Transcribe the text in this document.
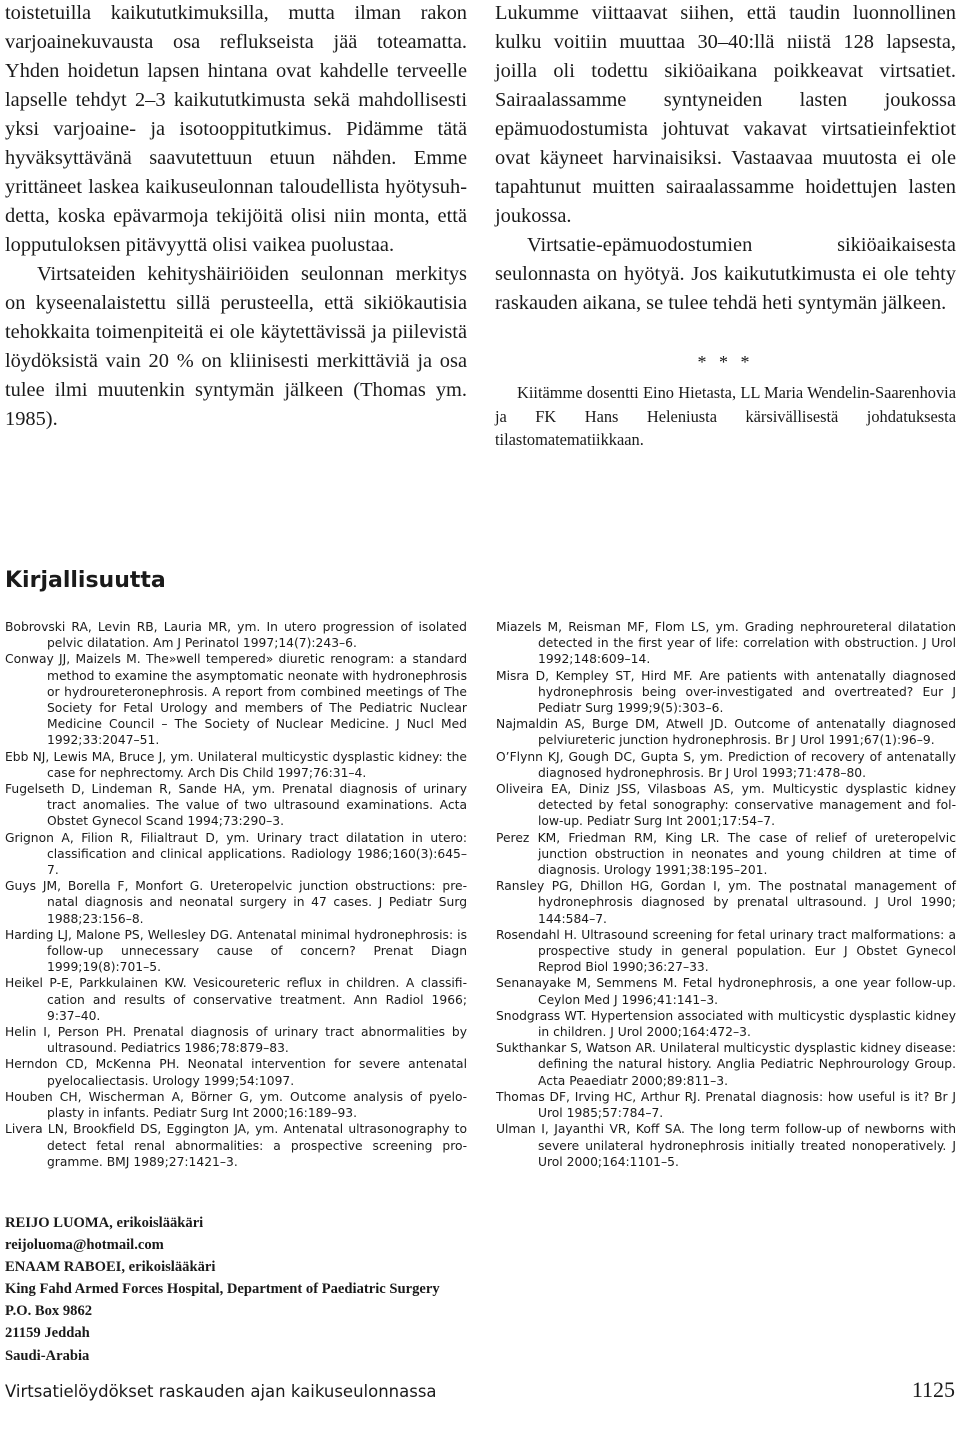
toistetuilla kaikututkimuksilla, mutta ilman rakon varjoainekuvausta osa reflukseista jää toteamatta. Yhden hoidetun lapsen hintana ovat kahdelle terveelle lapselle tehdyt 2–3 kaikututkimusta sekä mahdollisesti yksi varjoaine- ja isotooppitutkimus. Pidämme tätä hyväksyttävänä saavutettuun etuun nähden. Emme yrittäneet laskea kaikuseulonnan taloudellista hyötysuhdetta, koska epävarmoja tekijöitä olisi niin monta, että lopputuloksen pitävyyttä olisi vaikea puolustaa.

Virtsateiden kehityshäiriöiden seulonnan merkitys on kyseenalaistettu sillä perusteella, että sikiökautisia tehokkaita toimenpiteitä ei ole käytettävissä ja piilevistä löydöksistä vain 20 % on kliinisesti merkittäviä ja osa tulee ilmi muutenkin syntymän jälkeen (Thomas ym. 1985).

Lukumme viittaavat siihen, että taudin luonnollinen kulku voitiin muuttaa 30–40:llä niistä 128 lapsesta, joilla oli todettu sikiöaikana poikkeavat virtsatiet. Sairaalassamme syntyneiden lasten joukossa epämuodostumista johtuvat vakavat virtsatieinfektiot ovat käyneet harvinaisiksi. Vastaavaa muutosta ei ole tapahtunut muitten sairaalassamme hoidettujen lasten joukossa.

Virtsatie-epämuodostumien sikiöaikaisesta seulonnasta on hyötyä. Jos kaikututkimusta ei ole tehty raskauden aikana, se tulee tehdä heti syntymän jälkeen.

* * *

Kiitämme dosentti Eino Hietasta, LL Maria Wendelin-Saarenhovia ja FK Hans Heleniusta kärsivällisestä johdatuksesta tilastomatematiikkaan.

Kirjallisuutta
Bobrovski RA, Levin RB, Lauria MR, ym. In utero progression of isolated pelvic dilatation. Am J Perinatol 1997;14(7):243–6.
Conway JJ, Maizels M. The»well tempered» diuretic renogram: a standard method to examine the asymptomatic neonate with hydronephrosis or hydroureteronephrosis. A report from combined meetings of The Society for Fetal Urology and members of The Pediatric Nuclear Medicine Council – The Society of Nuclear Medicine. J Nucl Med 1992;33:2047–51.
Ebb NJ, Lewis MA, Bruce J, ym. Unilateral multicystic dysplastic kidney: the case for nephrectomy. Arch Dis Child 1997;76:31–4.
Fugelseth D, Lindeman R, Sande HA, ym. Prenatal diagnosis of urinary tract anomalies. The value of two ultrasound examinations. Acta Obstet Gynecol Scand 1994;73:290–3.
Grignon A, Filion R, Filialtraut D, ym. Urinary tract dilatation in utero: classification and clinical applications. Radiology 1986;160(3):645–7.
Guys JM, Borella F, Monfort G. Ureteropelvic junction obstructions: prenatal diagnosis and neonatal surgery in 47 cases. J Pediatr Surg 1988;23:156–8.
Harding LJ, Malone PS, Wellesley DG. Antenatal minimal hydronephrosis: is follow-up unnecessary cause of concern? Prenat Diagn 1999;19(8):701–5.
Heikel P-E, Parkkulainen KW. Vesicoureteric reflux in children. A classification and results of conservative treatment. Ann Radiol 1966; 9:37–40.
Helin I, Person PH. Prenatal diagnosis of urinary tract abnormalities by ultrasound. Pediatrics 1986;78:879–83.
Herndon CD, McKenna PH. Neonatal intervention for severe antenatal pyelocaliectasis. Urology 1999;54:1097.
Houben CH, Wischerman A, Börner G, ym. Outcome analysis of pyeloplasty in infants. Pediatr Surg Int 2000;16:189–93.
Livera LN, Brookfield DS, Eggington JA, ym. Antenatal ultrasonography to detect fetal renal abnormalities: a prospective screening programme. BMJ 1989;27:1421–3.
Miazels M, Reisman MF, Flom LS, ym. Grading nephroureteral dilatation detected in the first year of life: correlation with obstruction. J Urol 1992;148:609–14.
Misra D, Kempley ST, Hird MF. Are patients with antenatally diagnosed hydronephrosis being over-investigated and overtreated? Eur J Pediatr Surg 1999;9(5):303–6.
Najmaldin AS, Burge DM, Atwell JD. Outcome of antenatally diagnosed pelviureteric junction hydronephrosis. Br J Urol 1991;67(1):96–9.
O’Flynn KJ, Gough DC, Gupta S, ym. Prediction of recovery of antenatally diagnosed hydronephrosis. Br J Urol 1993;71:478–80.
Oliveira EA, Diniz JSS, Vilasboas AS, ym. Multicystic dysplastic kidney detected by fetal sonography: conservative management and follow-up. Pediatr Surg Int 2001;17:54–7.
Perez KM, Friedman RM, King LR. The case of relief of ureteropelvic junction obstruction in neonates and young children at time of diagnosis. Urology 1991;38:195–201.
Ransley PG, Dhillon HG, Gordan I, ym. The postnatal management of hydronephrosis diagnosed by prenatal ultrasound. J Urol 1990; 144:584–7.
Rosendahl H. Ultrasound screening for fetal urinary tract malformations: a prospective study in general population. Eur J Obstet Gynecol Reprod Biol 1990;36:27–33.
Senanayake M, Semmens M. Fetal hydronephrosis, a one year follow-up. Ceylon Med J 1996;41:141–3.
Snodgrass WT. Hypertension associated with multicystic dysplastic kidney in children. J Urol 2000;164:472–3.
Sukthankar S, Watson AR. Unilateral multicystic dysplastic kidney disease: defining the natural history. Anglia Pediatric Nephrourology Group. Acta Peaediatr 2000;89:811–3.
Thomas DF, Irving HC, Arthur RJ. Prenatal diagnosis: how useful is it? Br J Urol 1985;57:784–7.
Ulman I, Jayanthi VR, Koff SA. The long term follow-up of newborns with severe unilateral hydronephrosis initially treated nonoperatively. J Urol 2000;164:1101–5.
REIJO LUOMA, erikoislääkäri
reijoluoma@hotmail.com
ENAAM RABOEI, erikoislääkäri
King Fahd Armed Forces Hospital, Department of Paediatric Surgery
P.O. Box 9862
21159 Jeddah
Saudi-Arabia

Virtsatielöydökset raskauden ajan kaikuseulonnassa	1125
